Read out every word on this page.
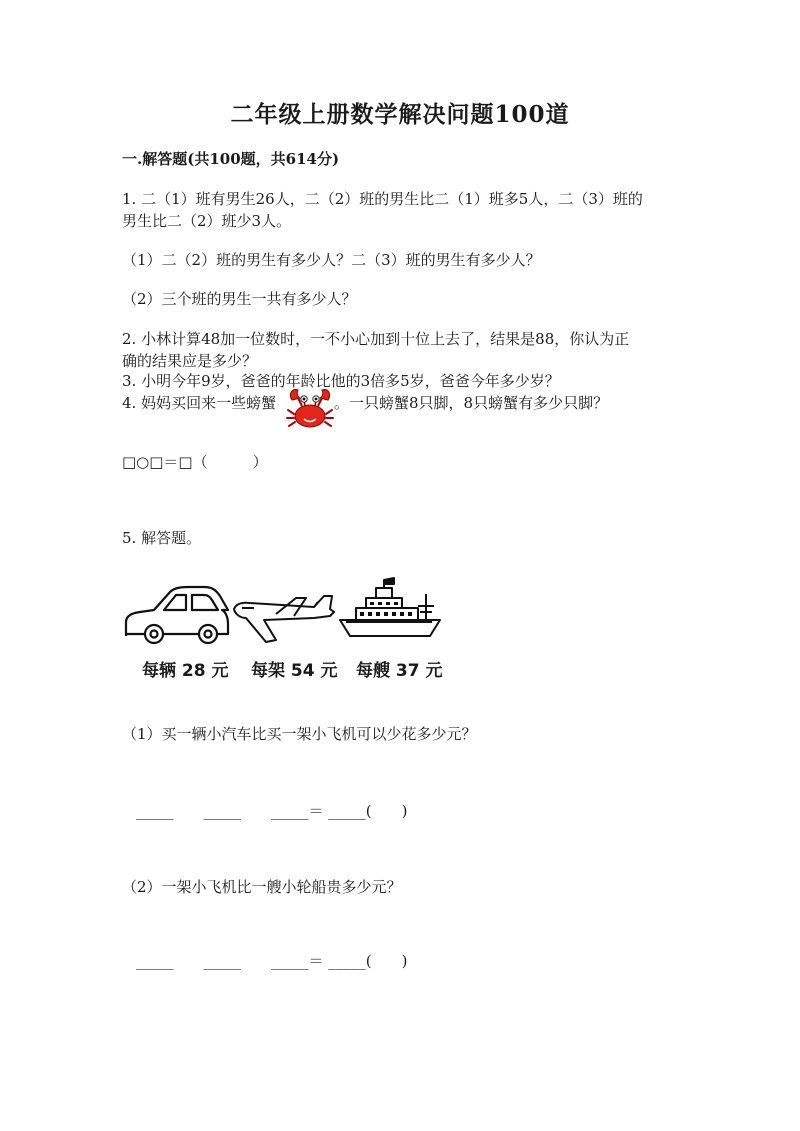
二年级上册数学解决问题100道
一.解答题(共100题，共614分)
1. 二（1）班有男生26人，二（2）班的男生比二（1）班多5人，二（3）班的
男生比二（2）班少3人。
（1）二（2）班的男生有多少人？二（3）班的男生有多少人？
（2）三个班的男生一共有多少人？
2. 小林计算48加一位数时，一不小心加到十位上去了，结果是88，你认为正
确的结果应是多少？
3. 小明今年9岁，爸爸的年龄比他的3倍多5岁，爸爸今年多少岁？
4. 妈妈买回来一些螃蟹	。一只螃蟹8只脚，8只螃蟹有多少只脚？
□○□＝□（　　　）
5. 解答题。
每辆 28 元 每架 54 元 每艘 37 元
（1）买一辆小汽车比买一架小飞机可以少花多少元？
_____　　_____　　_____＝ _____(　　)
（2）一架小飞机比一艘小轮船贵多少元？
_____　　_____　　_____＝ _____(　　)
